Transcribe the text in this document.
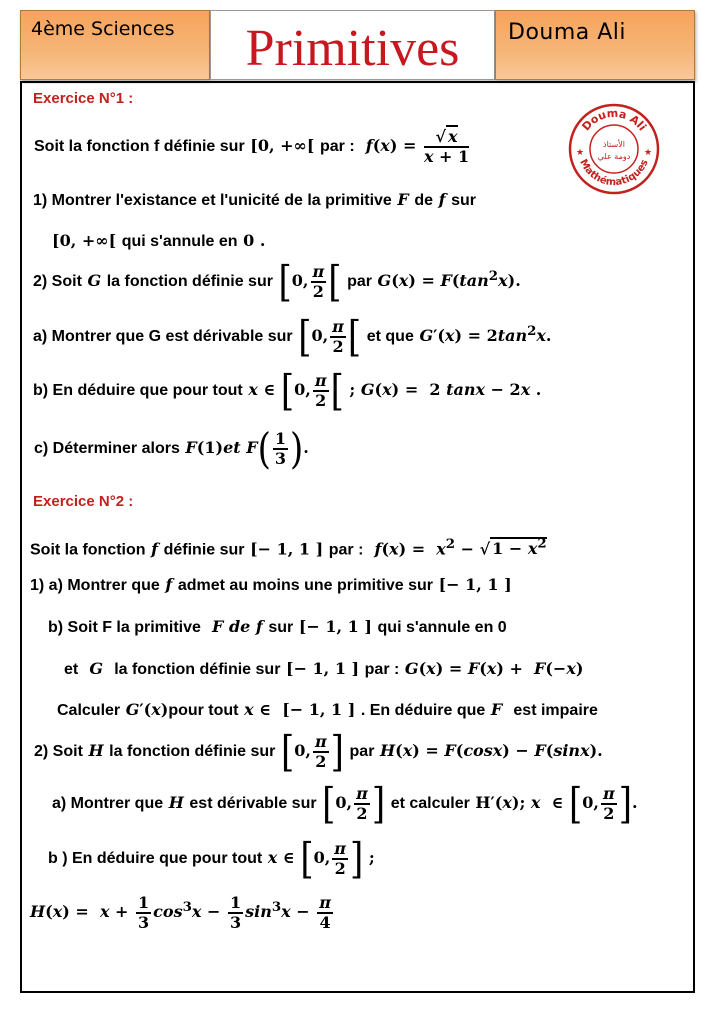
4ème Sciences	Primitives	Douma Ali
Douma Ali
Mathématiques
الأستاذ
دومة علي
★	★
Exercice N°1 :
Soit la fonction f définie sur [0, +∞[ par : $f(x) = \frac{√ x}{x + 1}$
1) Montrer l'existance et l'unicité de la primitive F de f sur
[0, +∞[ qui s'annule en 0 .
2) Soit G la fonction définie sur [0, $\frac{\pi}{2}$ [ par $G(x) = F(\tan^2x)$.
a) Montrer que G est dérivable sur [0, $\frac{\pi}{2}$ [ et que $G'(x) = 2\tan^2x$.
b) En déduire que pour tout x ∈ [0, $\frac{\pi}{2}$ [ ; G(x) =  2 tanx − 2x .
c) Déterminer alors F(1)et $F( \frac{1}{3}$ ).
Exercice N°2 :
Soit la fonction f définie sur [− 1, 1 ] par : $f(x) = x^2$ − √ $1 - x^2$
1) a) Montrer que f admet au moins une primitive sur [− 1, 1 ]
b) Soit F la primitive F de f sur [− 1, 1 ] qui s'annule en 0
et G la fonction définie sur [− 1, 1 ] par : G(x) = F(x) +  F(−x)
Calculer G′(x)pour tout x ∈  [− 1, 1 ] . En déduire que F est impaire
2) Soit H la fonction définie sur [0, $\frac{\pi}{2}$ ] par H(x) = F(cosx) − F(sinx).
a) Montrer que H est dérivable sur [0, $\frac{\pi}{2}$ ] et calculer H′(x); x  ∈ [0, $\frac{\pi}{2}$ ].
b ) En déduire que pour tout x ∈ [0, $\frac{\pi}{2}$ ] ;
$H(x) = x + \frac{1}{3} \cos^3x - \frac{1}{3} \sin^3x - \frac{\pi}{4}$
